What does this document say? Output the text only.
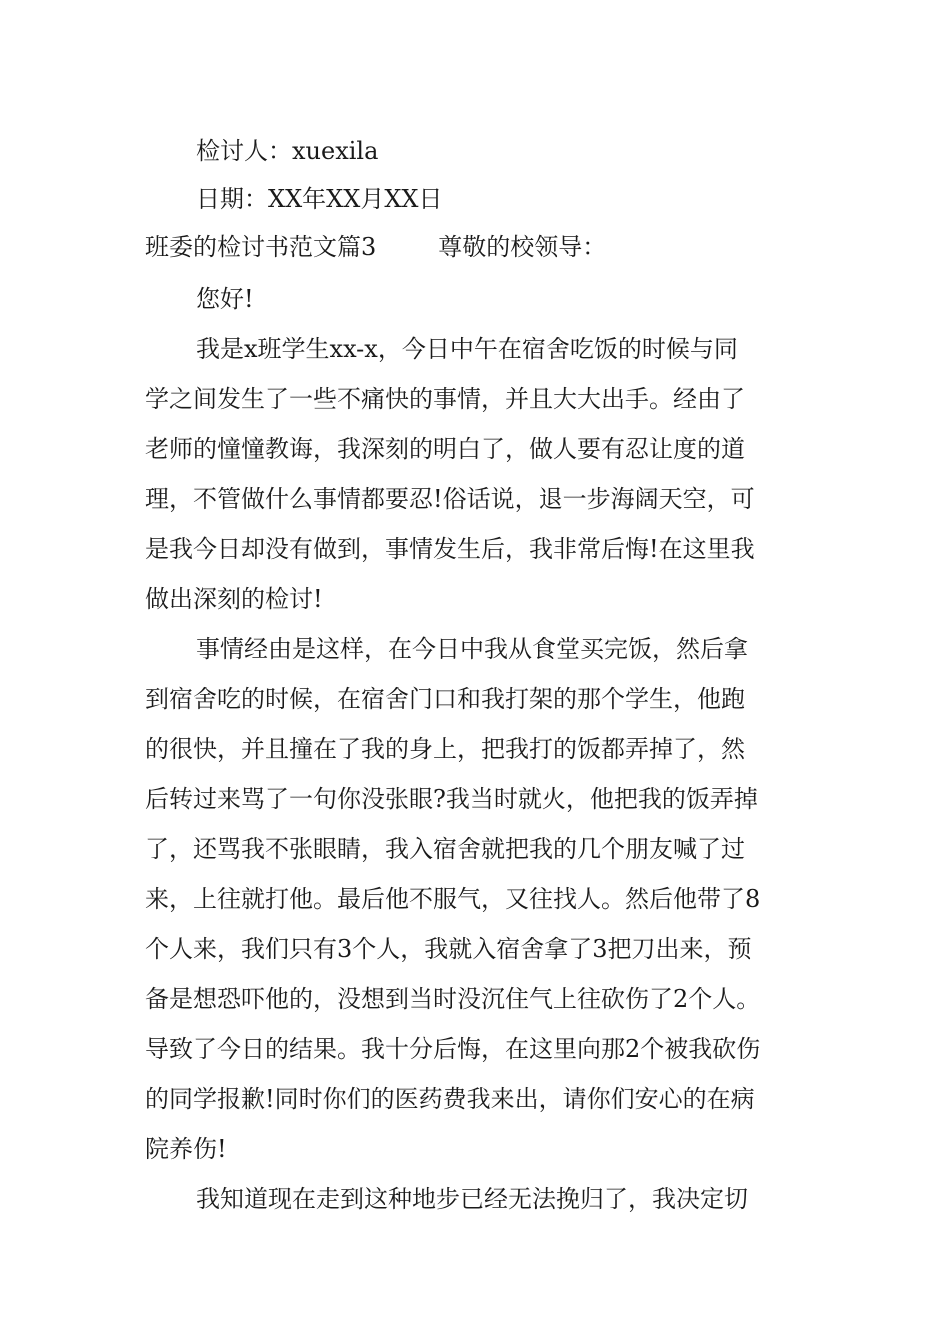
检讨人：xuexila
日期：XX年XX月XX日
班委的检讨书范文篇3	尊敬的校领导：
您好!
我是x班学生xx-x，今日中午在宿舍吃饭的时候与同
学之间发生了一些不痛快的事情，并且大大出手。经由了
老师的憧憧教诲，我深刻的明白了，做人要有忍让度的道
理，不管做什么事情都要忍!俗话说，退一步海阔天空，可
是我今日却没有做到，事情发生后，我非常后悔!在这里我
做出深刻的检讨!
事情经由是这样，在今日中我从食堂买完饭，然后拿
到宿舍吃的时候，在宿舍门口和我打架的那个学生，他跑
的很快，并且撞在了我的身上，把我打的饭都弄掉了，然
后转过来骂了一句你没张眼?我当时就火，他把我的饭弄掉
了，还骂我不张眼睛，我入宿舍就把我的几个朋友喊了过
来，上往就打他。最后他不服气，又往找人。然后他带了8
个人来，我们只有3个人，我就入宿舍拿了3把刀出来，预
备是想恐吓他的，没想到当时没沉住气上往砍伤了2个人。
导致了今日的结果。我十分后悔，在这里向那2个被我砍伤
的同学报歉!同时你们的医药费我来出，请你们安心的在病
院养伤!
我知道现在走到这种地步已经无法挽归了，我决定切
